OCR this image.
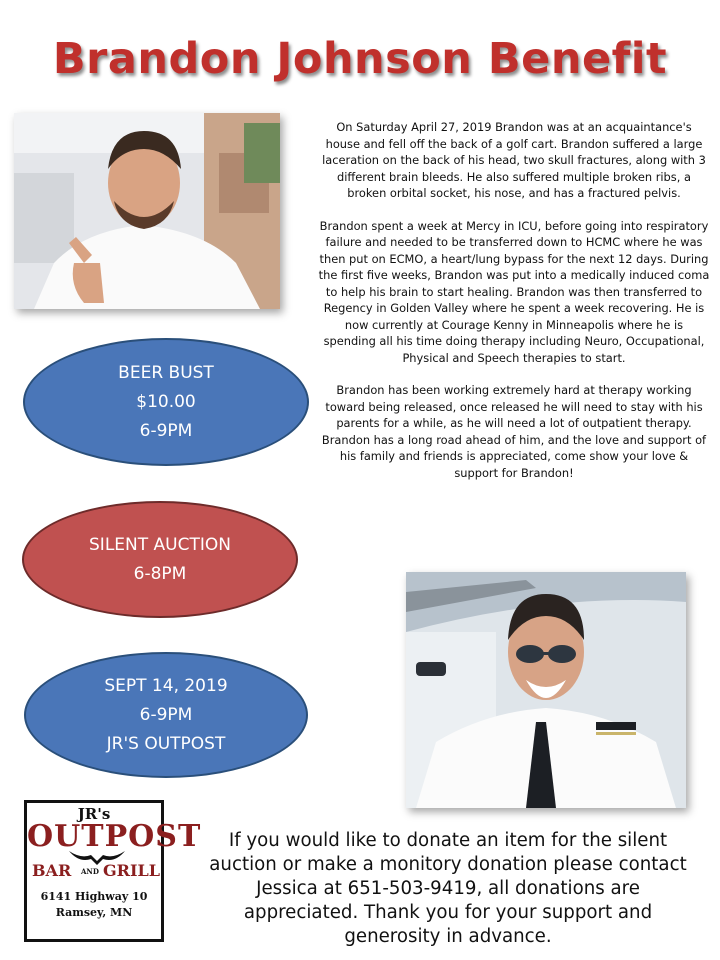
Brandon Johnson Benefit

On Saturday April 27, 2019 Brandon was at an acquaintance's house and fell off the back of a golf cart. Brandon suffered a large laceration on the back of his head, two skull fractures, along with 3 different brain bleeds. He also suffered multiple broken ribs, a broken orbital socket, his nose, and has a fractured pelvis.

Brandon spent a week at Mercy in ICU, before going into respiratory failure and needed to be transferred down to HCMC where he was then put on ECMO, a heart/lung bypass for the next 12 days. During the first five weeks, Brandon was put into a medically induced coma to help his brain to start healing. Brandon was then transferred to Regency in Golden Valley where he spent a week recovering. He is now currently at Courage Kenny in Minneapolis where he is spending all his time doing therapy including Neuro, Occupational, Physical and Speech therapies to start.

Brandon has been working extremely hard at therapy working toward being released, once released he will need to stay with his parents for a while, as he will need a lot of outpatient therapy. Brandon has a long road ahead of him, and the love and support of his family and friends is appreciated, come show your love & support for Brandon!

BEER BUST
$10.00
6-9PM
SILENT AUCTION
6-8PM
SEPT 14, 2019
6-9PM
JR'S OUTPOST
JR's
OUTPOST
BAR AND GRILL
6141 Highway 10
Ramsey, MN
If you would like to donate an item for the silent
auction or make a monitory donation please contact
Jessica at 651-503-9419, all donations are
appreciated. Thank you for your support and
generosity in advance.
